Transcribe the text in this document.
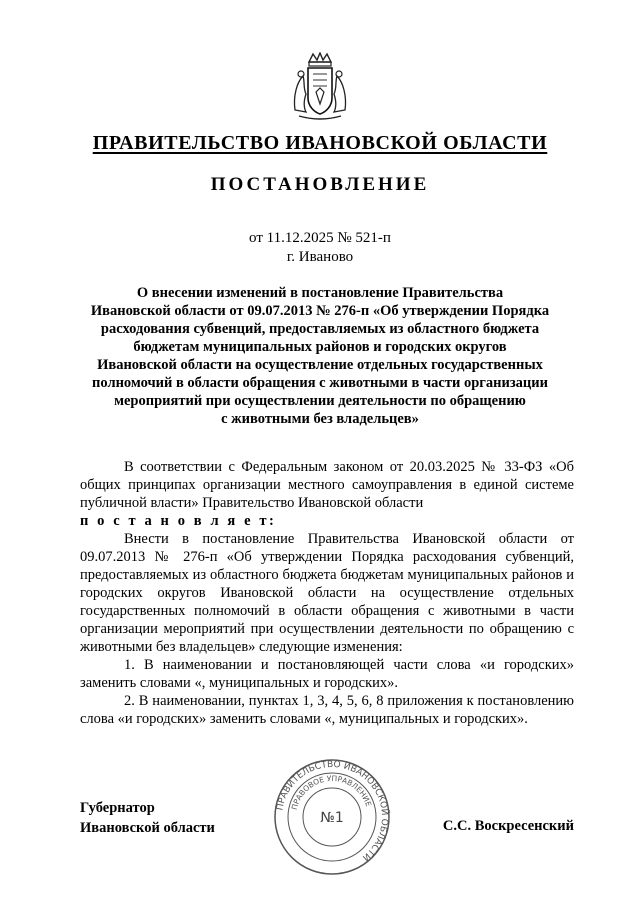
ПРАВИТЕЛЬСТВО ИВАНОВСКОЙ ОБЛАСТИ
ПОСТАНОВЛЕНИЕ
от 11.12.2025 № 521-п
г. Иваново
О внесении изменений в постановление Правительства
Ивановской области от 09.07.2013 № 276-п «Об утверждении Порядка
расходования субвенций, предоставляемых из областного бюджета
бюджетам муниципальных районов и городских округов
Ивановской области на осуществление отдельных государственных
полномочий в области обращения с животными в части организации
мероприятий при осуществлении деятельности по обращению
с животными без владельцев»

В соответствии с Федеральным законом от 20.03.2025 № 33-ФЗ «Об общих принципах организации местного самоуправления в единой системе публичной власти» Правительство Ивановской области

п о с т а н о в л я е т:

Внести в постановление Правительства Ивановской области от 09.07.2013 № 276-п «Об утверждении Порядка расходования субвенций, предоставляемых из областного бюджета бюджетам муниципальных районов и городских округов Ивановской области на осуществление отдельных государственных полномочий в области обращения с животными в части организации мероприятий при осуществлении деятельности по обращению с животными без владельцев» следующие изменения:

1. В наименовании и постановляющей части слова «и городских» заменить словами «, муниципальных и городских».

2. В наименовании, пунктах 1, 3, 4, 5, 6, 8 приложения к постановлению слова «и городских» заменить словами «, муниципальных и городских».

ПРАВИТЕЛЬСТВО ИВАНОВСКОЙ ОБЛАСТИ
ПРАВОВОЕ УПРАВЛЕНИЕ
№1
Губернатор
Ивановской области	С.С. Воскресенский
